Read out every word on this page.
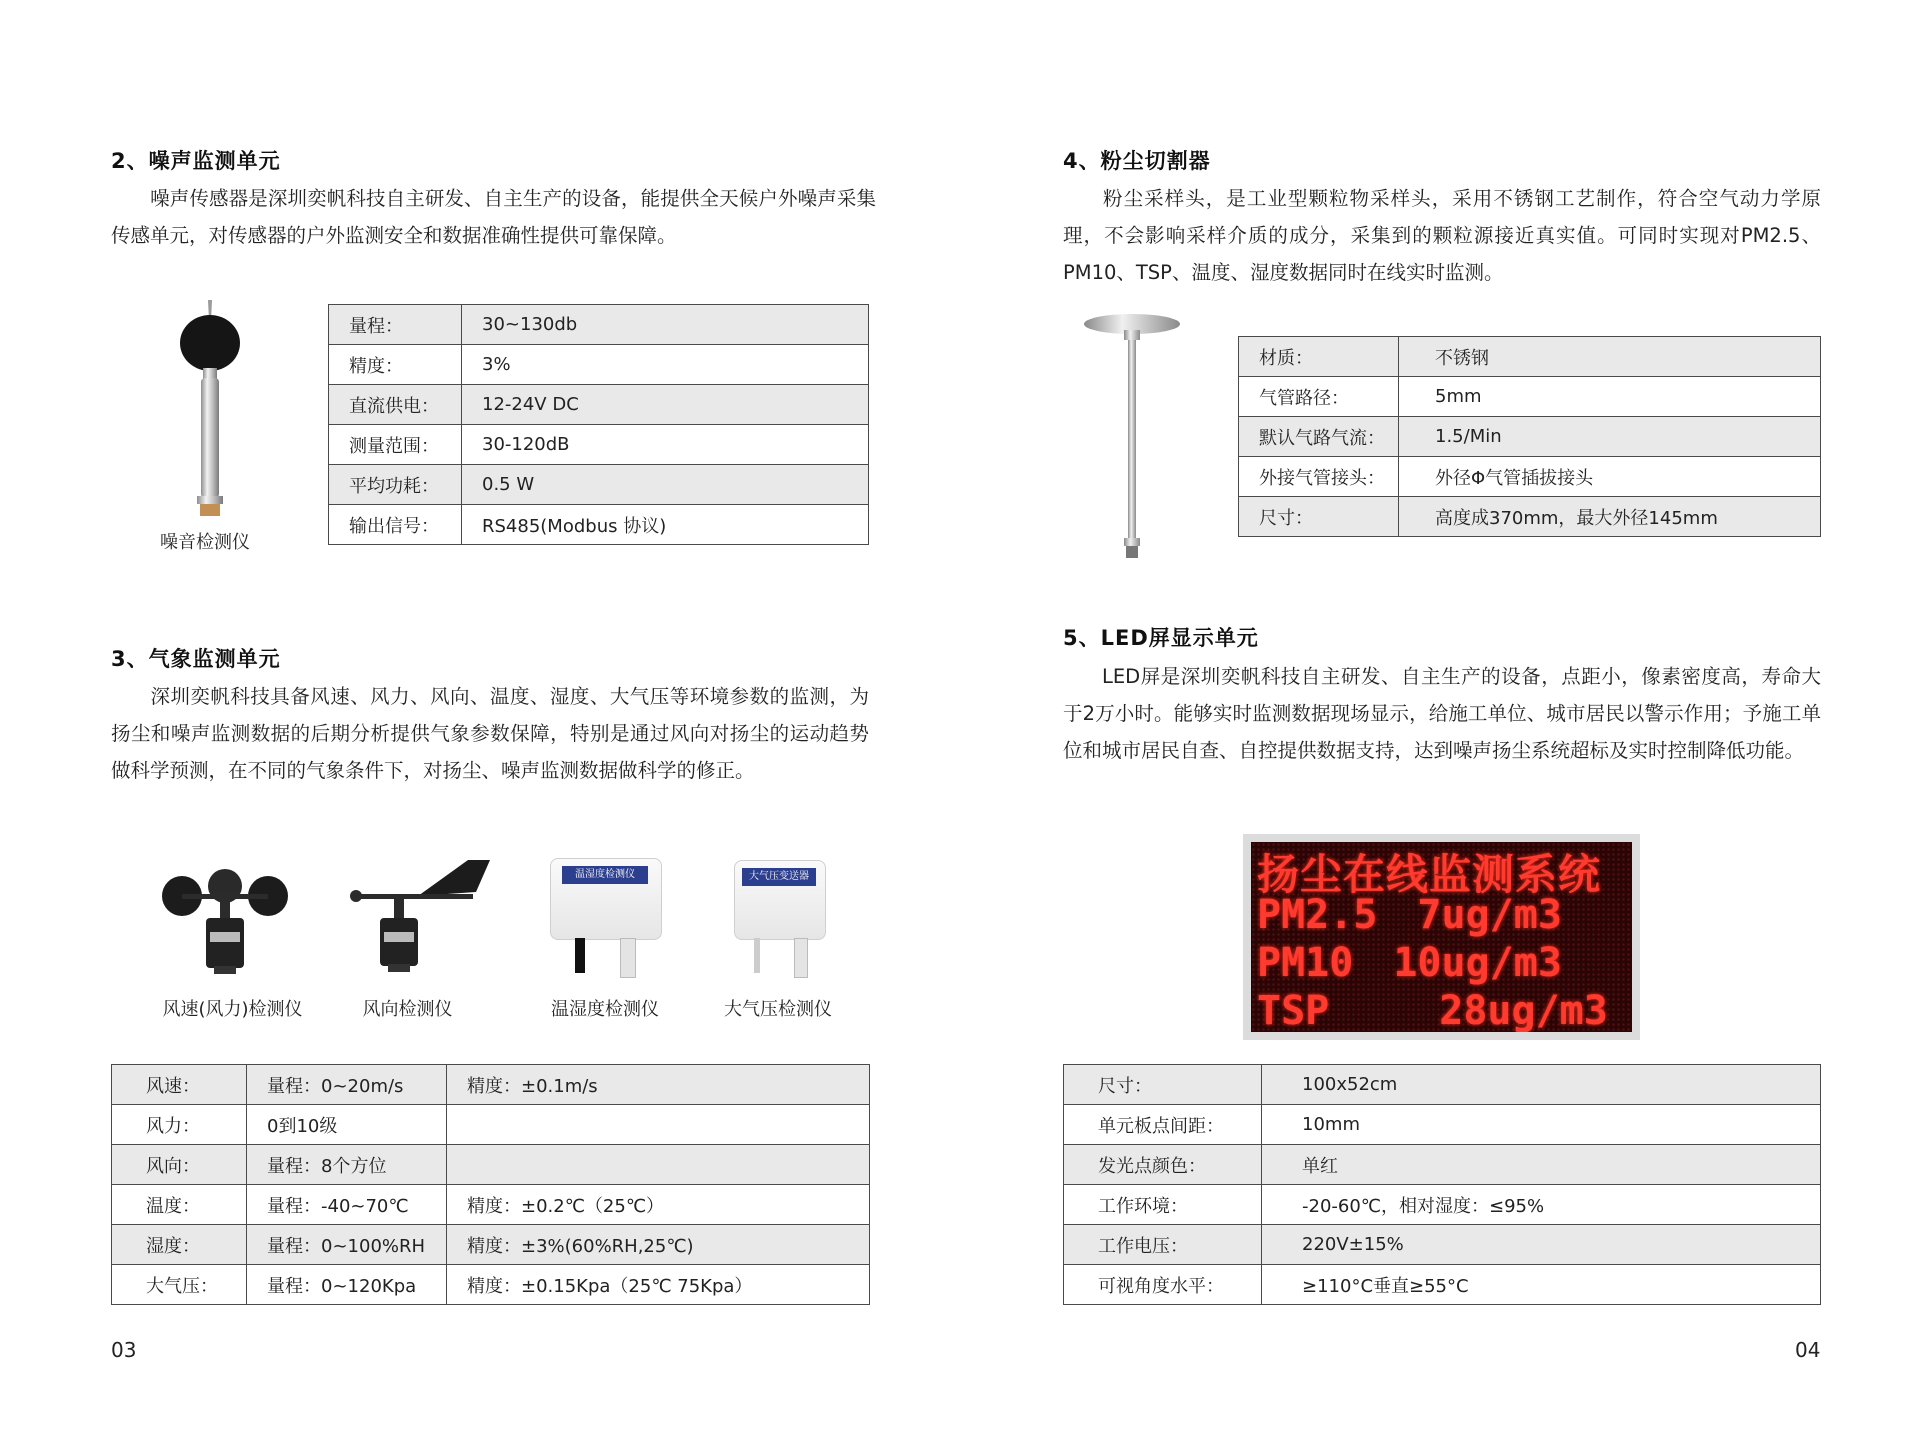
2、噪声监测单元
噪声传感器是深圳奕帆科技自主研发、自主生产的设备，能提供全天候户外噪声采集传感单元，对传感器的户外监测安全和数据准确性提供可靠保障。
噪音检测仪
量程：	30~130db
精度：	3%
直流供电：	12-24V DC
测量范围：	30-120dB
平均功耗：	0.5 W
输出信号：	RS485(Modbus 协议)
3、气象监测单元
深圳奕帆科技具备风速、风力、风向、温度、湿度、大气压等环境参数的监测，为扬尘和噪声监测数据的后期分析提供气象参数保障，特别是通过风向对扬尘的运动趋势做科学预测，在不同的气象条件下，对扬尘、噪声监测数据做科学的修正。
温湿度检测仪	大气压变送器
风速(风力)检测仪	风向检测仪	温湿度检测仪	大气压检测仪
风速：	量程：0~20m/s	精度：±0.1m/s
风力：	0到10级	
风向：	量程：8个方位	
温度：	量程：-40~70℃	精度：±0.2℃（25℃）
湿度：	量程：0~100%RH	精度：±3%(60%RH,25℃)
大气压：	量程：0~120Kpa	精度：±0.15Kpa（25℃ 75Kpa）
03
4、粉尘切割器
粉尘采样头，是工业型颗粒物采样头，采用不锈钢工艺制作，符合空气动力学原理，不会影响采样介质的成分，采集到的颗粒源接近真实值。可同时实现对PM2.5、PM10、TSP、温度、湿度数据同时在线实时监测。
材质：	不锈钢
气管路径：	5mm
默认气路气流：	1.5/Min
外接气管接头：	外径Φ气管插拔接头
尺寸：	高度成370mm，最大外径145mm
5、LED屏显示单元
LED屏是深圳奕帆科技自主研发、自主生产的设备，点距小，像素密度高，寿命大于2万小时。能够实时监测数据现场显示，给施工单位、城市居民以警示作用；予施工单位和城市居民自查、自控提供数据支持，达到噪声扬尘系统超标及实时控制降低功能。
扬尘在线监测系统
PM2.5 7ug/m3
PM10 10ug/m3
TSP	28ug/m3
尺寸：	100x52cm
单元板点间距：	10mm
发光点颜色：	单红
工作环境：	-20-60℃，相对湿度：≤95%
工作电压：	220V±15%
可视角度水平：	≥110°C垂直≥55°C
04
